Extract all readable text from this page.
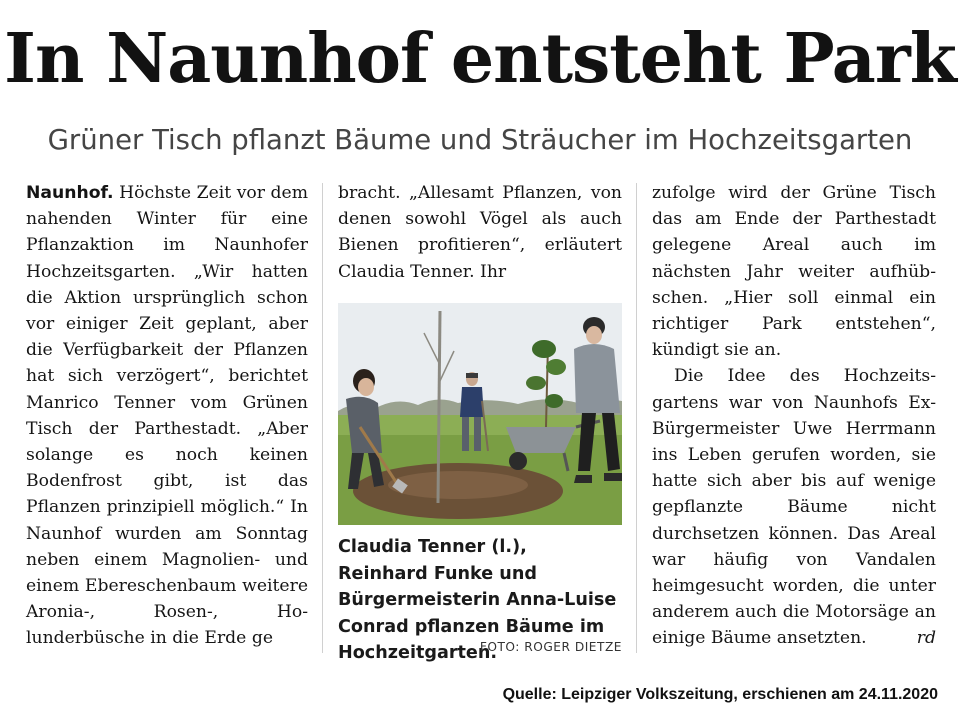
In Naunhof entsteht Park
Grüner Tisch pflanzt Bäume und Sträucher im Hochzeitsgarten

Naunhof. Höchste Zeit vor dem nahenden Winter für eine Pflanzaktion im Naunhofer Hochzeitsgarten. „Wir hatten die Aktion ursprünglich schon vor einiger Zeit geplant, aber die Verfügbarkeit der Pflanzen hat sich verzögert“, berichtet Manrico Tenner vom Grünen Tisch der Parthestadt. „Aber solange es noch keinen Bodenfrost gibt, ist das Pflanzen prinzipiell möglich.“ In Naunhof wurden am Sonntag neben einem Magnolien- und einem Ebereschenbaum weitere Aronia-, Rosen-, Holunderbüsche in die Erde ge

bracht. „Allesamt Pflanzen, von denen sowohl Vögel als auch Bienen profitieren“, erläutert Claudia Tenner. Ihr

Claudia Tenner (l.), Reinhard Funke und Bürgermeisterin Anna-Luise Conrad pflanzen Bäume im Hochzeitgarten.
FOTO: ROGER DIETZE

zufolge wird der Grüne Tisch das am Ende der Parthestadt gelegene Areal auch im nächsten Jahr weiter aufhübschen. „Hier soll einmal ein richtiger Park entstehen“, kündigt sie an.

Die Idee des Hochzeitsgartens war von Naunhofs Ex-Bürgermeister Uwe Herrmann ins Leben gerufen worden, sie hatte sich aber bis auf wenige gepflanzte Bäume nicht durchsetzen können. Das Areal war häufig von Vandalen heimgesucht worden, die unter anderem auch die Motorsäge an einige Bäume ansetzten.	rd

Quelle: Leipziger Volkszeitung, erschienen am 24.11.2020
